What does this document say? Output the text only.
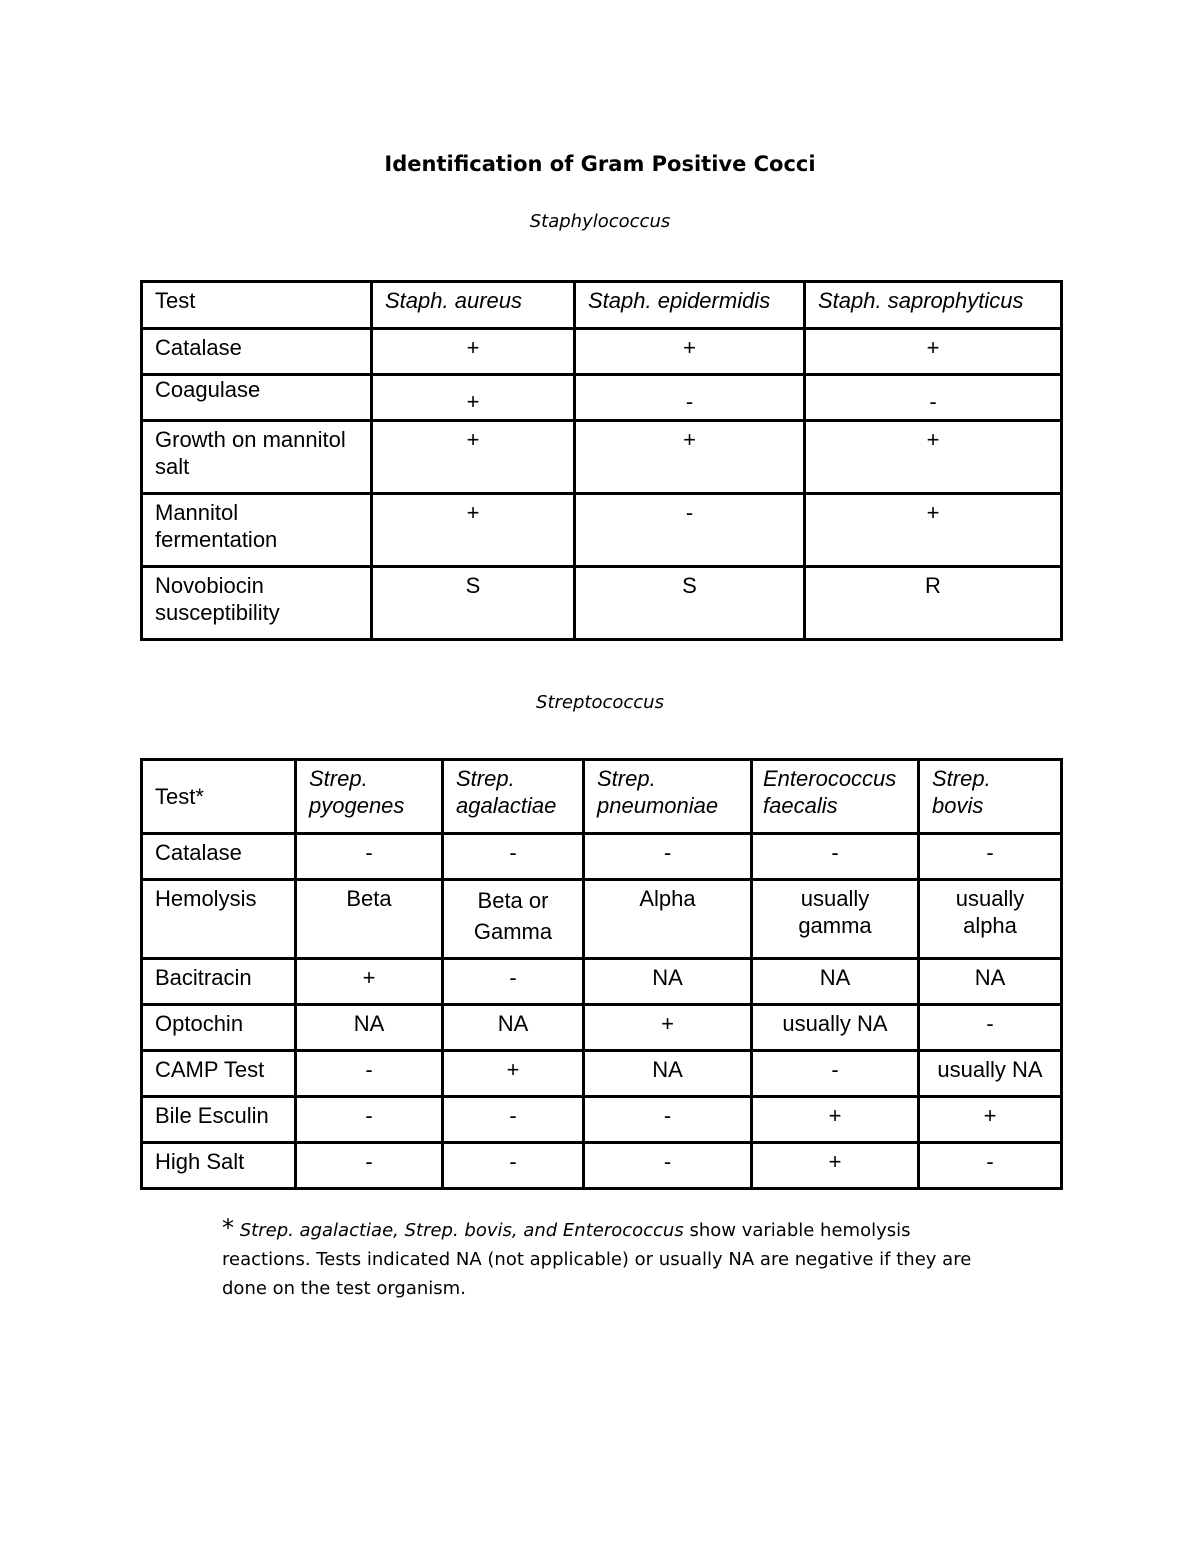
Identification of Gram Positive Cocci

Staphylococcus

Test	Staph. aureus	Staph. epidermidis	Staph. saprophyticus
Catalase	+	+	+
Coagulase	+	-	-
Growth on mannitol salt	+	+	+
Mannitol fermentation	+	-	+
Novobiocin susceptibility	S	S	R

Streptococcus

Test*	Strep. pyogenes	Strep. agalactiae	Strep. pneumoniae	Enterococcus faecalis	Strep. bovis
Catalase	-	-	-	-	-
Hemolysis	Beta	Beta or Gamma	Alpha	usually gamma	usually alpha
Bacitracin	+	-	NA	NA	NA
Optochin	NA	NA	+	usually NA	-
CAMP Test	-	+	NA	-	usually NA
Bile Esculin	-	-	-	+	+
High Salt	-	-	-	+	-

* Strep. agalactiae, Strep. bovis, and Enterococcus show variable hemolysis reactions. Tests indicated NA (not applicable) or usually NA are negative if they are done on the test organism.
